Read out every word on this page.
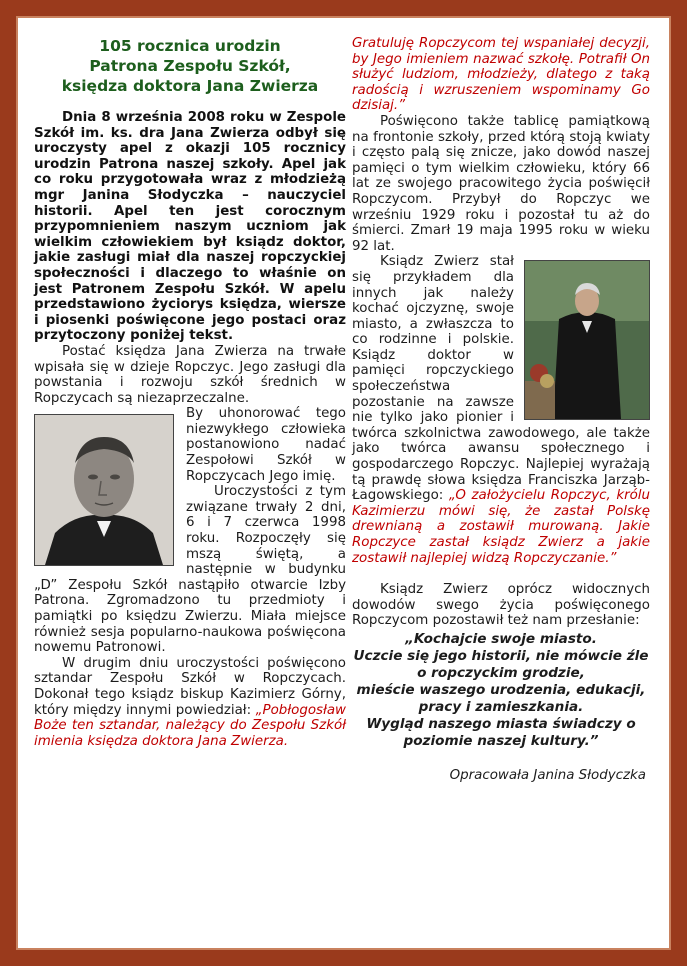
105 rocznica urodzin
Patrona Zespołu Szkół,
księdza doktora Jana Zwierza

Dnia 8 września 2008 roku w Zespole Szkół im. ks. dra Jana Zwierza odbył się uroczysty apel z okazji 105 rocznicy urodzin Patrona naszej szkoły. Apel jak co roku przygotowała wraz z młodzieżą mgr Janina Słodyczka – nauczyciel historii. Apel ten jest corocznym przypomnieniem naszym uczniom jak wielkim człowiekiem był ksiądz doktor, jakie zasługi miał dla naszej ropczyckiej społeczności i dlaczego to właśnie on jest Patronem Zespołu Szkół. W apelu przedstawiono życiorys księdza, wiersze i piosenki poświęcone jego postaci oraz przytoczony poniżej tekst.

Postać księdza Jana Zwierza na trwałe wpisała się w dzieje Ropczyc. Jego zasługi dla powstania i rozwoju szkół średnich w Ropczycach są niezaprzeczalne.

By uhonorować tego niezwykłego człowieka postanowiono nadać Zespołowi Szkół w Ropczycach Jego imię.

Uroczystości z tym związane trwały 2 dni, 6 i 7 czerwca 1998 roku. Rozpoczęły się mszą świętą, a następnie w budynku „D” Zespołu Szkół nastąpiło otwarcie Izby Patrona. Zgromadzono tu przedmioty i pamiątki po księdzu Zwierzu. Miała miejsce również sesja popularno-naukowa poświęcona nowemu Patronowi.

W drugim dniu uroczystości poświęcono sztandar Zespołu Szkół w Ropczycach. Dokonał tego ksiądz biskup Kazimierz Górny, który między innymi powiedział: „Pobłogosław Boże ten sztandar, należący do Zespołu Szkół imienia księdza doktora Jana Zwierza.

Gratuluję Ropczycom tej wspaniałej decyzji, by Jego imieniem nazwać szkołę. Potrafił On służyć ludziom, młodzieży, dlatego z taką radością i wzruszeniem wspominamy Go dzisiaj.”

Poświęcono także tablicę pamiątkową na frontonie szkoły, przed którą stoją kwiaty i często palą się znicze, jako dowód naszej pamięci o tym wielkim człowieku, który 66 lat ze swojego pracowitego życia poświęcił Ropczycom. Przybył do Ropczyc we wrześniu 1929 roku i pozostał tu aż do śmierci. Zmarł 19 maja 1995 roku w wieku 92 lat.

Ksiądz Zwierz stał się przykładem dla innych jak należy kochać ojczyznę, swoje miasto, a zwłaszcza to co rodzinne i polskie. Ksiądz doktor w pamięci ropczyckiego społeczeństwa pozostanie na zawsze nie tylko jako pionier i twórca szkolnictwa zawodowego, ale także jako twórca awansu społecznego i gospodarczego Ropczyc. Najlepiej wyrażają tą prawdę słowa księdza Franciszka Jarząb-Łagowskiego: „O założycielu Ropczyc, królu Kazimierzu mówi się, że zastał Polskę drewnianą a zostawił murowaną. Jakie Ropczyce zastał ksiądz Zwierz a jakie zostawił najlepiej widzą Ropczyczanie.”

Ksiądz Zwierz oprócz widocznych dowodów swego życia poświęconego Ropczycom pozostawił też nam przesłanie:

„Kochajcie swoje miasto.
Uczcie się jego historii, nie mówcie źle
o ropczyckim grodzie,
mieście waszego urodzenia, edukacji,
pracy i zamieszkania.
Wygląd naszego miasta świadczy o
poziomie naszej kultury.”
Opracowała Janina Słodyczka
